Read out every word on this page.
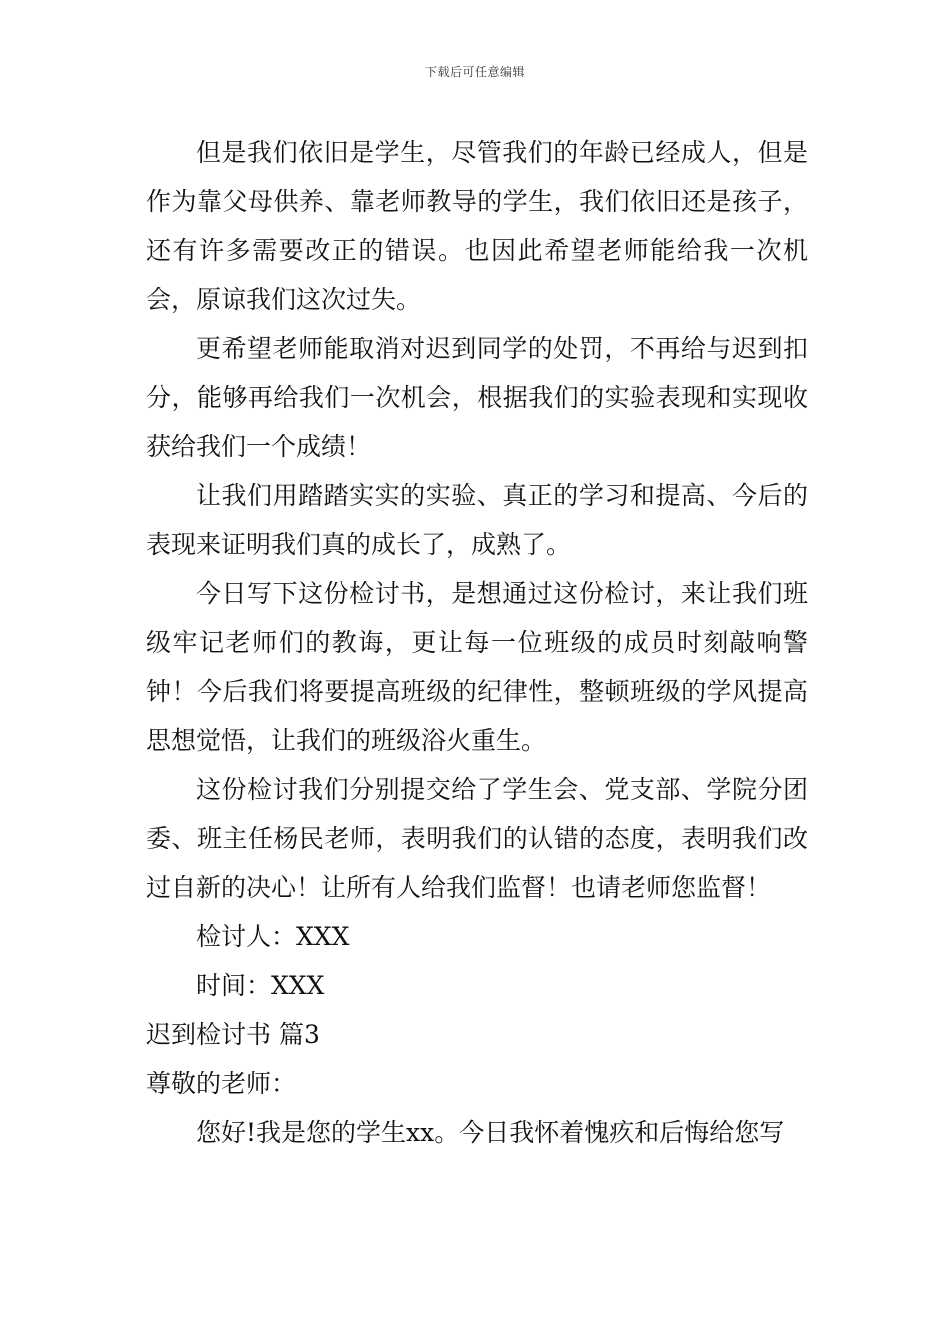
下载后可任意编辑

但是我们依旧是学生，尽管我们的年龄已经成人，但是作为靠父母供养、靠老师教导的学生，我们依旧还是孩子，还有许多需要改正的错误。也因此希望老师能给我一次机会，原谅我们这次过失。

更希望老师能取消对迟到同学的处罚，不再给与迟到扣分，能够再给我们一次机会，根据我们的实验表现和实现收获给我们一个成绩！

让我们用踏踏实实的实验、真正的学习和提高、今后的表现来证明我们真的成长了，成熟了。

今日写下这份检讨书，是想通过这份检讨，来让我们班级牢记老师们的教诲，更让每一位班级的成员时刻敲响警钟！今后我们将要提高班级的纪律性，整顿班级的学风提高思想觉悟，让我们的班级浴火重生。

这份检讨我们分别提交给了学生会、党支部、学院分团委、班主任杨民老师，表明我们的认错的态度，表明我们改过自新的决心！让所有人给我们监督！也请老师您监督！

检讨人：XXX

时间：XXX

迟到检讨书 篇3

尊敬的老师：

您好!我是您的学生xx。今日我怀着愧疚和后悔给您写
